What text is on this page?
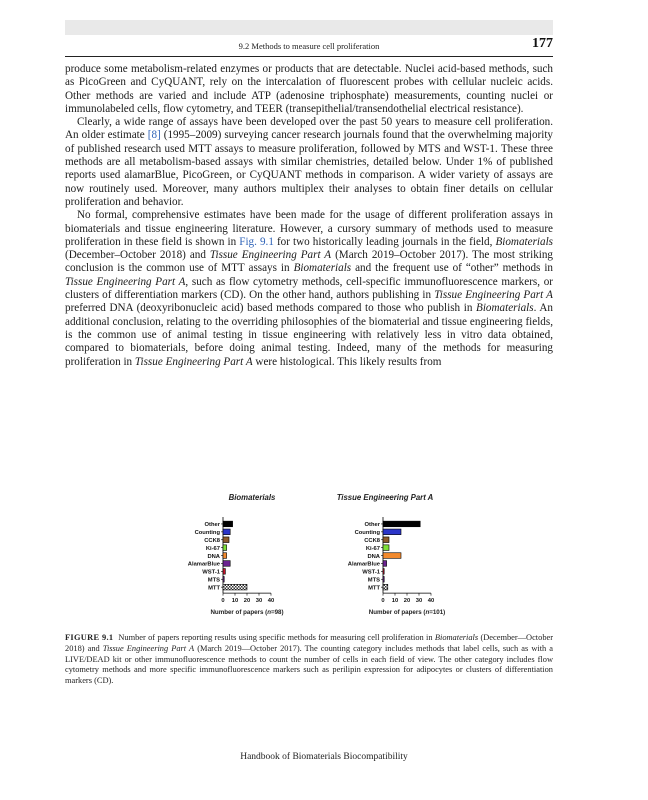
9.2 Methods to measure cell proliferation	177

produce some metabolism-related enzymes or products that are detectable. Nuclei acid-based methods, such as PicoGreen and CyQUANT, rely on the intercalation of fluorescent probes with cellular nucleic acids. Other methods are varied and include ATP (adenosine triphosphate) measurements, counting nuclei or immunolabeled cells, flow cytometry, and TEER (transepithelial/transendothelial electrical resistance).

Clearly, a wide range of assays have been developed over the past 50 years to measure cell proliferation. An older estimate [8] (1995–2009) surveying cancer research journals found that the overwhelming majority of published research used MTT assays to measure proliferation, followed by MTS and WST-1. These three methods are all metabolism-based assays with similar chemistries, detailed below. Under 1% of published reports used alamarBlue, PicoGreen, or CyQUANT methods in comparison. A wider variety of assays are now routinely used. Moreover, many authors multiplex their analyses to obtain finer details on cellular proliferation and behavior.

No formal, comprehensive estimates have been made for the usage of different proliferation assays in biomaterials and tissue engineering literature. However, a cursory summary of methods used to measure proliferation in these field is shown in Fig. 9.1 for two historically leading journals in the field, Biomaterials (December–October 2018) and Tissue Engineering Part A (March 2019–October 2017). The most striking conclusion is the common use of MTT assays in Biomaterials and the frequent use of “other” methods in Tissue Engineering Part A, such as flow cytometry methods, cell-specific immunofluorescence markers, or clusters of differentiation markers (CD). On the other hand, authors publishing in Tissue Engineering Part A preferred DNA (deoxyribonucleic acid) based methods compared to those who publish in Biomaterials. An additional conclusion, relating to the overriding philosophies of the biomaterial and tissue engineering fields, is the common use of animal testing in tissue engineering with relatively less in vitro data obtained, compared to biomaterials, before doing animal testing. Indeed, many of the methods for measuring proliferation in Tissue Engineering Part A were histological. This likely results from

Biomaterials
Other
Counting
CCK8
Ki-67
DNA
AlamarBlue
WST-1
MTS
MTT
0 10 20 30 40
Number of papers (n=98)
Tissue Engineering Part A
Other
Counting
CCK8
Ki-67
DNA
AlamarBlue
WST-1
MTS
MTT
0 10 20 30 40
Number of papers (n=101)
FIGURE 9.1 Number of papers reporting results using specific methods for measuring cell proliferation in Biomaterials (December—October 2018) and Tissue Engineering Part A (March 2019—October 2017). The counting category includes methods that label cells, such as with a LIVE/DEAD kit or other immunofluorescence methods to count the number of cells in each field of view. The other category includes flow cytometry methods and more specific immunofluorescence markers such as perilipin expression for adipocytes or clusters of differentiation markers (CD).
Handbook of Biomaterials Biocompatibility
